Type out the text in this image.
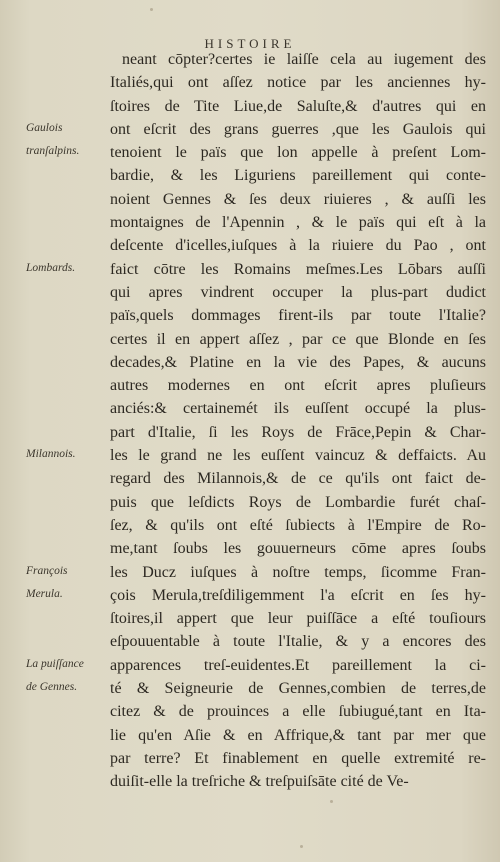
HISTOIRE
Gaulois
tranſalpins.
Lombards.
Milannois.
François
Merula.
La puiſſance
de Gennes.
neant cōpter?certes ie laiſſe cela au iugement des
Italiés,qui ont aſſez notice par les anciennes hy-
ſtoires de Tite Liue,de Saluſte,& d'autres qui en
ont eſcrit des grans guerres ,que les Gaulois qui
tenoient le païs que lon appelle à preſent Lom-
bardie, & les Liguriens pareillement qui conte-
noient Gennes & ſes deux riuieres , & auſſi les
montaignes de l'Apennin , & le païs qui eſt à la
deſcente d'icelles,iuſques à la riuiere du Pao , ont
faict cōtre les Romains meſmes.Les Lōbars auſſi
qui apres vindrent occuper la plus-part dudict
païs,quels dommages firent-ils par toute l'Italie?
certes il en appert aſſez , par ce que Blonde en ſes
decades,& Platine en la vie des Papes, & aucuns
autres modernes en ont eſcrit apres pluſieurs
anciés:& certainemét ils euſſent occupé la plus-
part d'Italie, ſi les Roys de Frāce,Pepin & Char-
les le grand ne les euſſent vaincuz & deffaicts. Au
regard des Milannois,& de ce qu'ils ont faict de-
puis que leſdicts Roys de Lombardie furét chaſ-
ſez, & qu'ils ont eſté ſubiects à l'Empire de Ro-
me,tant ſoubs les gouuerneurs cōme apres ſoubs
les Ducz iuſques à noſtre temps, ſicomme Fran-
çois Merula,treſdiligemment l'a eſcrit en ſes hy-
ſtoires,il appert que leur puiſſāce a eſté touſiours
eſpouuentable à toute l'Italie, & y a encores des
apparences treſ-euidentes.Et pareillement la ci-
té & Seigneurie de Gennes,combien de terres,de
citez & de prouinces a elle ſubiugué,tant en Ita-
lie qu'en Aſie & en Affrique,& tant par mer que
par terre? Et finablement en quelle extremité re-
duiſit-elle la treſriche & treſpuiſsāte cité de Ve-
